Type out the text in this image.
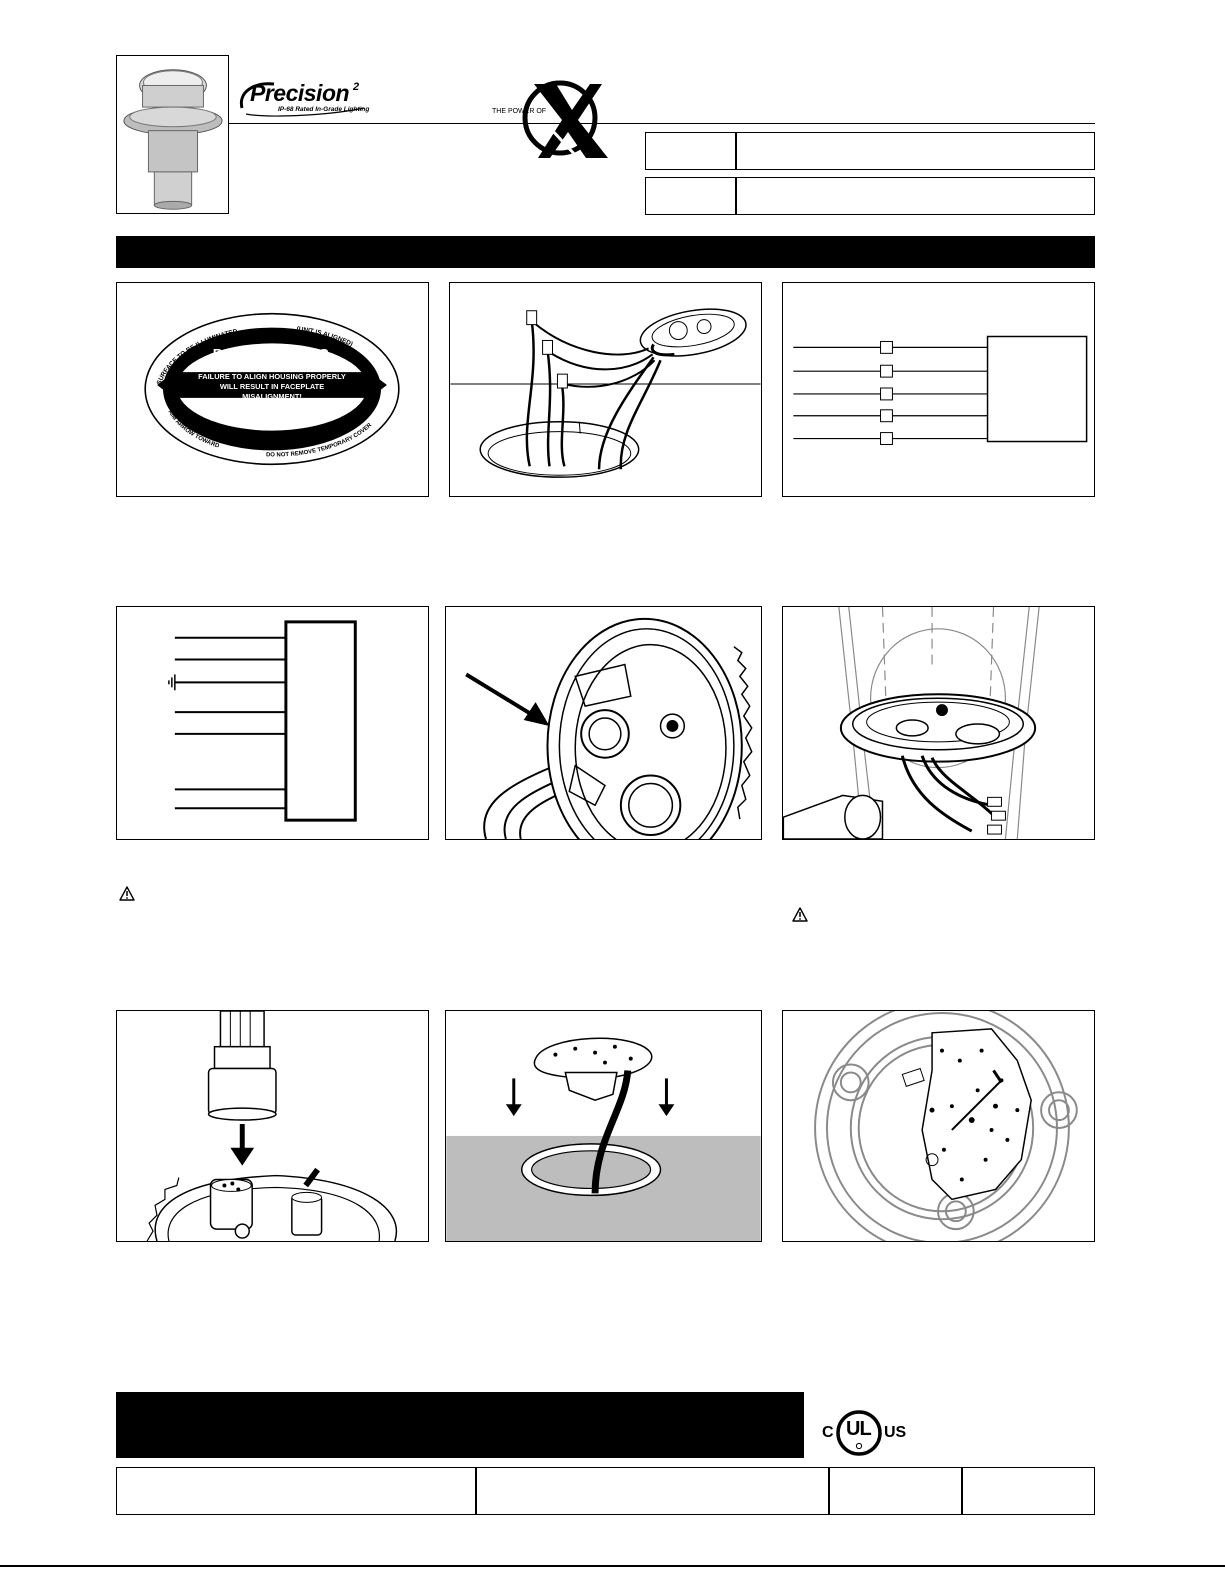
Precision 2
IP-68 Rated In-Grade Lighting	THE POWER OF
SURFACE TO BE ILLUMINATED.	(UNIT IS ALIGNED)
B-K LIGHTING
FAILURE TO ALIGN HOUSING PROPERLY
WILL RESULT IN FACEPLATE
MISALIGNMENT!
B-K LIGHTING
AIM ARROW TOWARD
DO NOT REMOVE TEMPORARY COVER
C UL US
